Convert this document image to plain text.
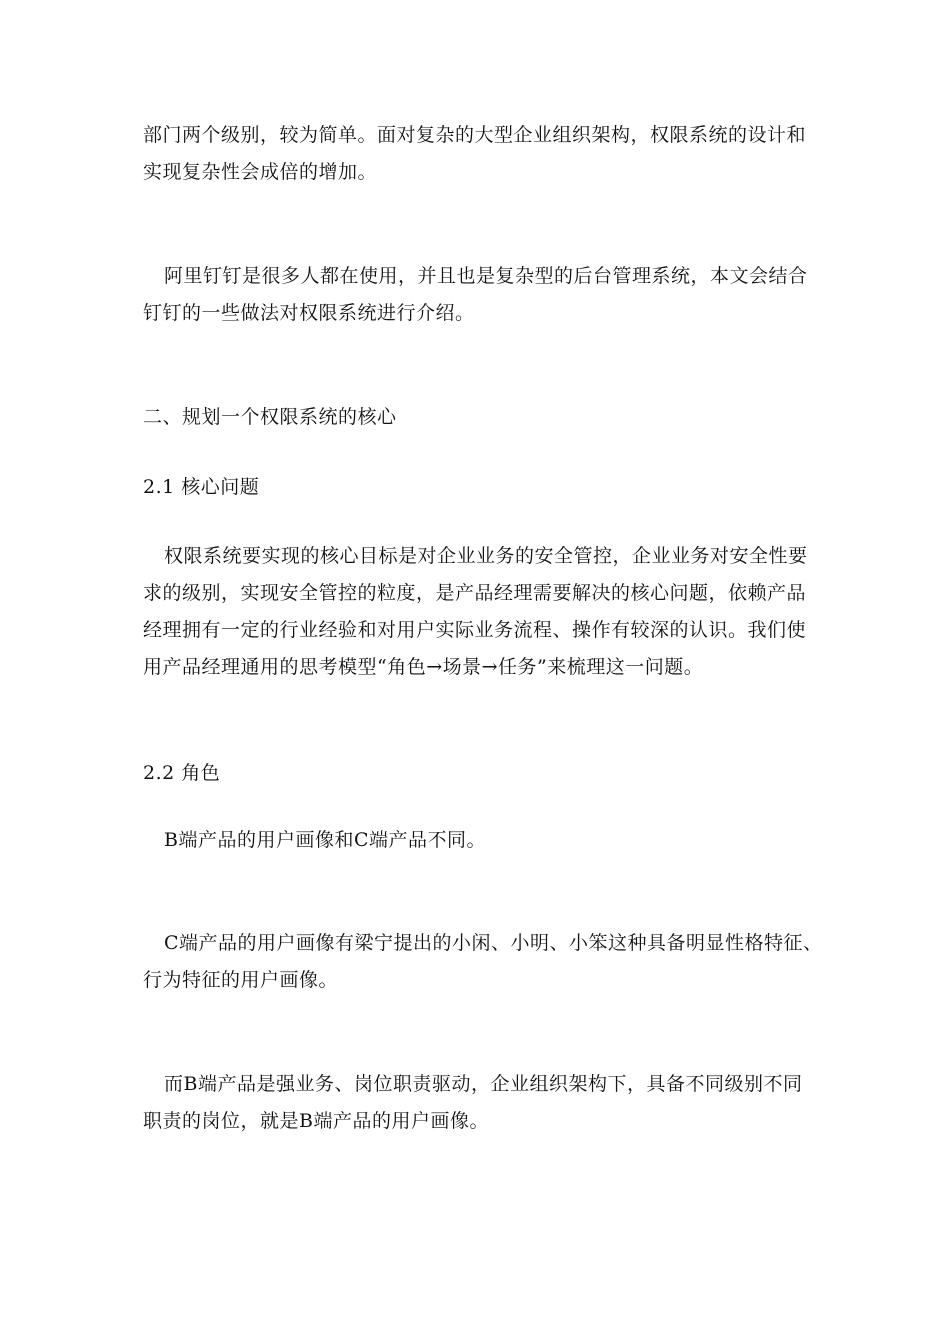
部门两个级别，较为简单。面对复杂的大型企业组织架构，权限系统的设计和
实现复杂性会成倍的增加。

阿里钉钉是很多人都在使用，并且也是复杂型的后台管理系统，本文会结合
钉钉的一些做法对权限系统进行介绍。

二、规划一个权限系统的核心
2.1 核心问题

权限系统要实现的核心目标是对企业业务的安全管控，企业业务对安全性要
求的级别，实现安全管控的粒度，是产品经理需要解决的核心问题，依赖产品
经理拥有一定的行业经验和对用户实际业务流程、操作有较深的认识。我们使
用产品经理通用的思考模型“角色→场景→任务”来梳理这一问题。

2.2 角色

B端产品的用户画像和C端产品不同。

C端产品的用户画像有梁宁提出的小闲、小明、小笨这种具备明显性格特征、
行为特征的用户画像。

而B端产品是强业务、岗位职责驱动，企业组织架构下，具备不同级别不同
职责的岗位，就是B端产品的用户画像。
